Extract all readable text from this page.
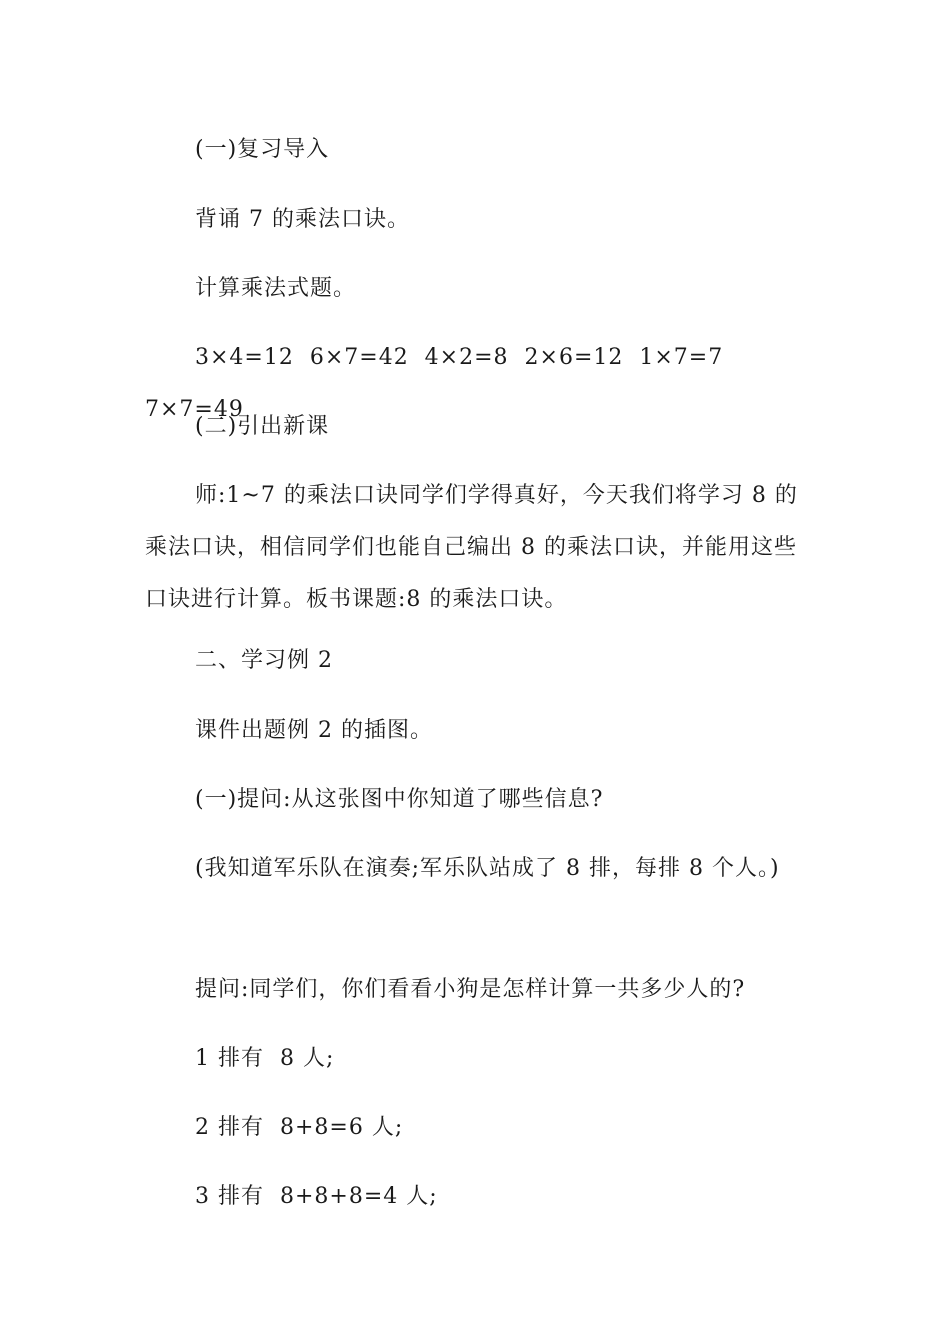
(一)复习导入
背诵 7 的乘法口诀。
计算乘法式题。
3×4=12  6×7=42  4×2=8  2×6=12  1×7=7  7×7=49
(二)引出新课
师:1~7 的乘法口诀同学们学得真好，今天我们将学习 8 的乘法口诀，相信同学们也能自己编出 8 的乘法口诀，并能用这些口诀进行计算。板书课题:8 的乘法口诀。
二、学习例 2
课件出题例 2 的插图。
(一)提问:从这张图中你知道了哪些信息?
(我知道军乐队在演奏;军乐队站成了 8 排，每排 8 个人。)
提问:同学们，你们看看小狗是怎样计算一共多少人的?
1 排有  8 人;
2 排有  8+8=6 人;
3 排有  8+8+8=4 人;
